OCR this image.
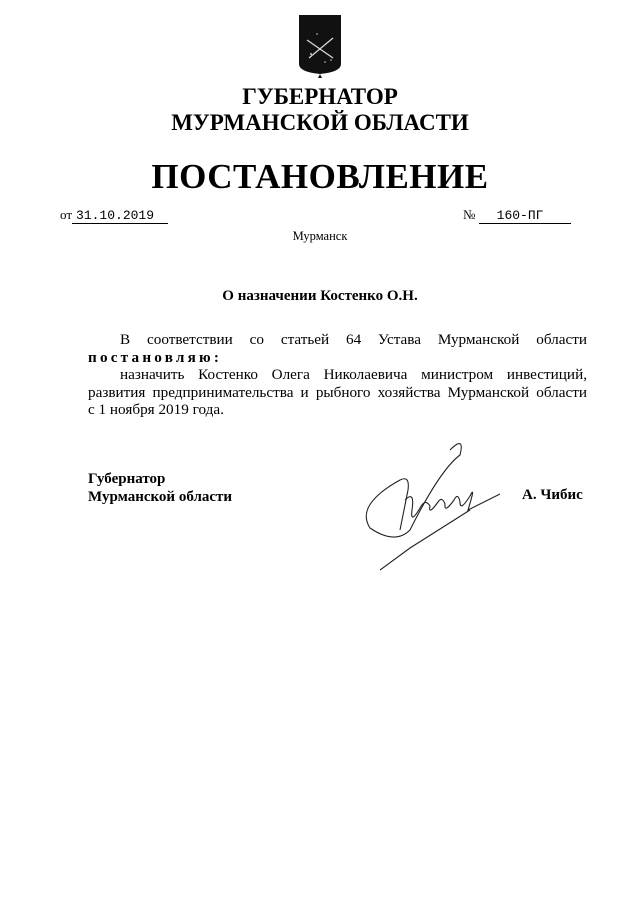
ГУБЕРНАТОР
МУРМАНСКОЙ ОБЛАСТИ
ПОСТАНОВЛЕНИЕ
от 31.10.2019	№ 160-ПГ
Мурманск
О назначении Костенко О.Н.
В соответствии со статьей 64 Устава Мурманской области
постановляю:
назначить Костенко Олега Николаевича министром инвестиций,
развития предпринимательства и рыбного хозяйства Мурманской области
с 1 ноября 2019 года.
Губернатор
Мурманской области	А. Чибис
